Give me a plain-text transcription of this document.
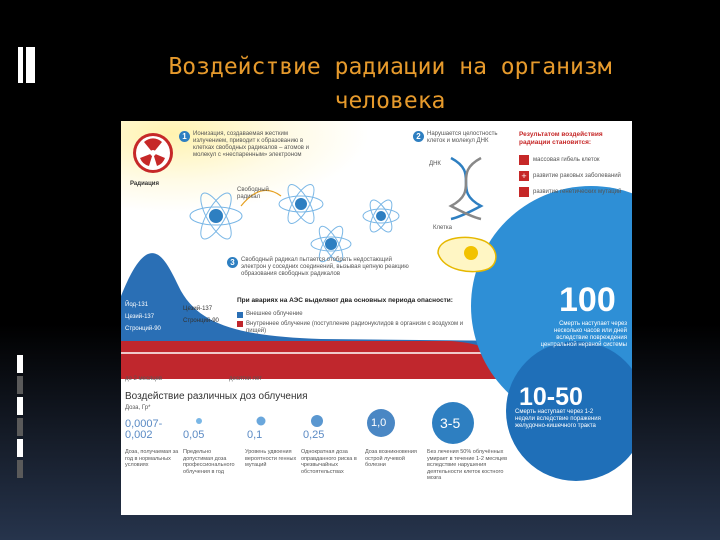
Воздействие радиации на организм
человека
Радиация
1	Ионизация, создаваемая жестким излучением, приводит к образованию в клетках свободных радикалов – атомов и молекул с «неспаренным» электроном
Свободный радикал
2	Нарушается целостность клеток и молекул ДНК
ДНК
Клетка
3	Свободный радикал пытается отобрать недостающий электрон у соседних соединений, вызывая цепную реакцию образования свободных радикалов
Результатом воздействия радиации становится:
массовая гибель клеток
+	развитие раковых заболеваний
развитие генетических мутаций
Йод-131
Цезий-137
Стронций-90
Цезий-137
Стронций-90
При авариях на АЭС выделяют два основных периода опасности:
Внешнее облучение
Внутреннее облучение (поступление радионуклидов в организм с воздухом и пищей)
до 2 месяцев	десятки лет
100
Смерть наступает через несколько часов или дней вследствие повреждения центральной нервной системы
10-50
Смерть наступает через 1-2 недели вследствие поражения желудочно-кишечного тракта
Воздействие различных доз облучения
Доза, Гр*
0,0007-0,002	0,05	0,1	0,25
1,0	3-5
Доза, получаемая за год в нормальных условиях
Предельно допустимая доза профессионального облучения в год
Уровень удвоения вероятности генных мутаций
Однократная доза оправданного риска в чрезвычайных обстоятельствах
Доза возникновения острой лучевой болезни
Без лечения 50% облучённых умирает в течение 1-2 месяцев вследствие нарушения деятельности клеток костного мозга
* - Единица поглощенной дозы радиации – Грей (Гр)
